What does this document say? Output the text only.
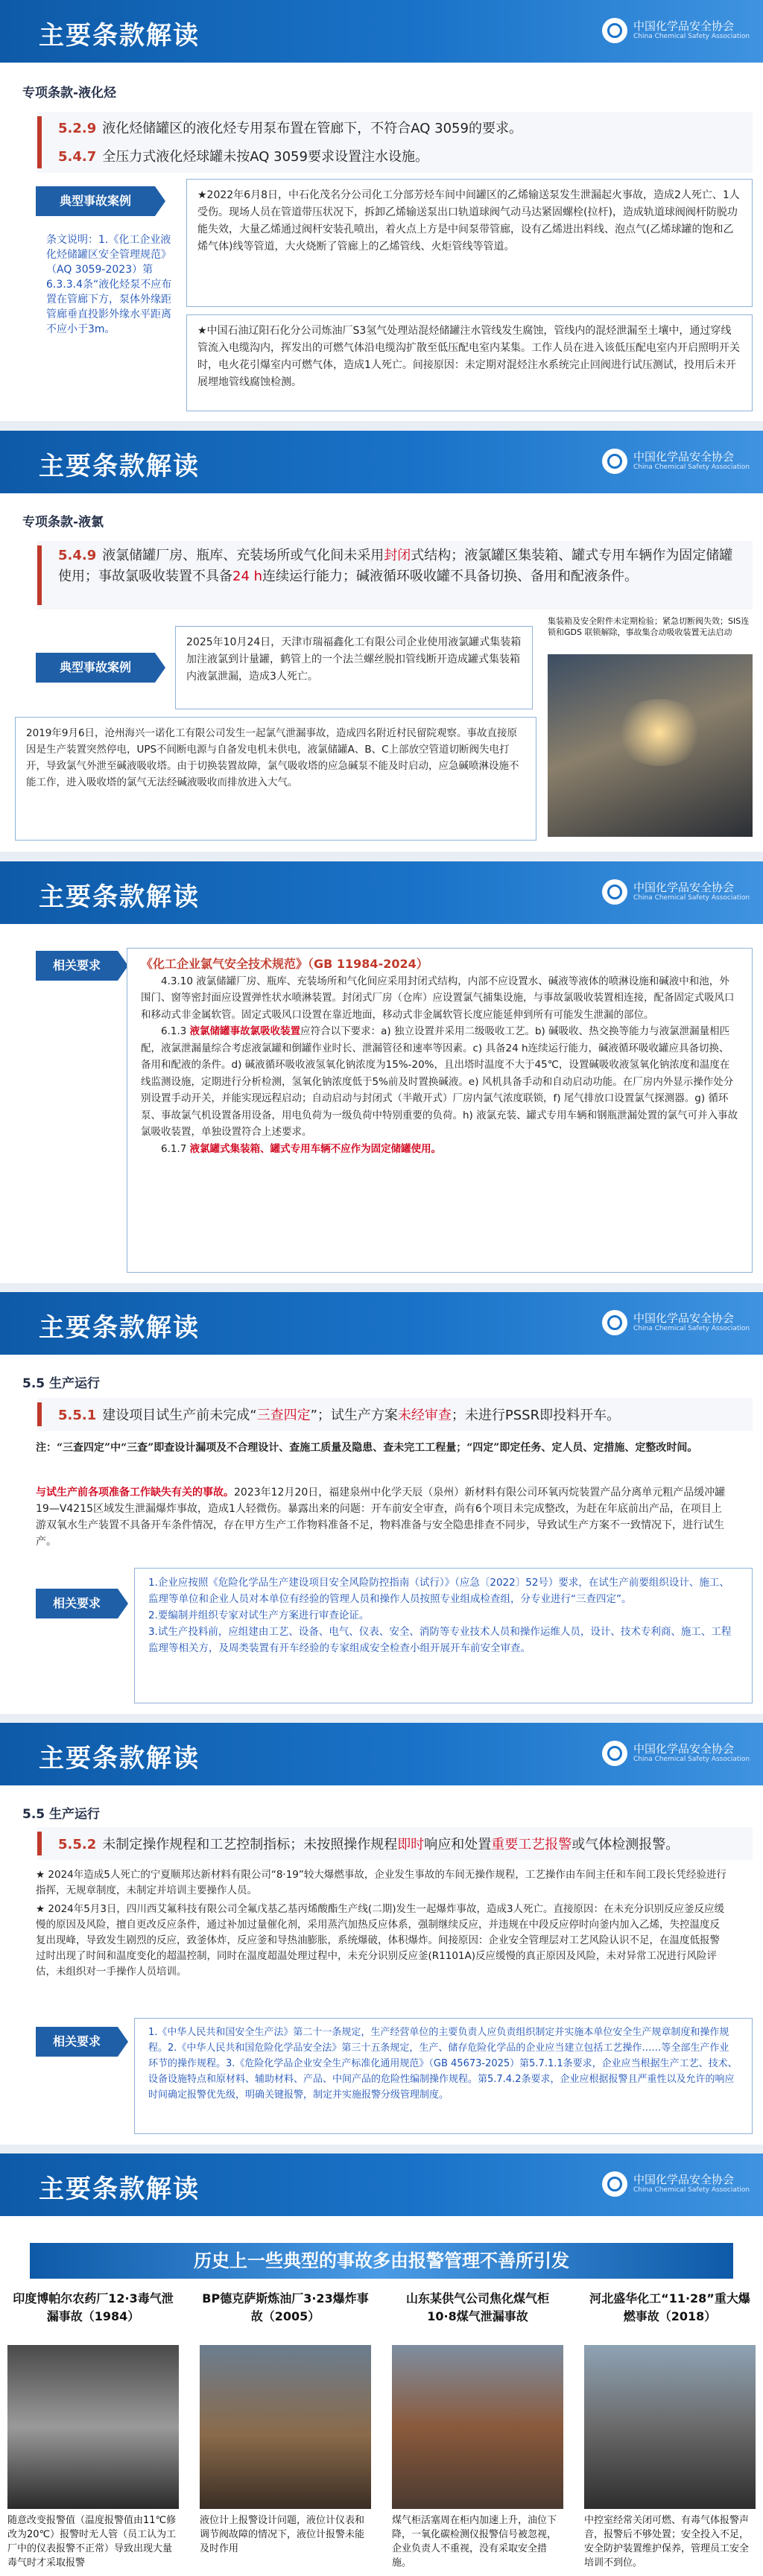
主要条款解读	中国化学品安全协会
China Chemical Safety Association
专项条款-液化烃
5.2.9 液化烃储罐区的液化烃专用泵布置在管廊下，不符合AQ 3059的要求。
5.4.7 全压力式液化烃球罐未按AQ 3059要求设置注水设施。
典型事故案例	★2022年6月8日，中石化茂名分公司化工分部芳烃车间中间罐区的乙烯输送泵发生泄漏起火事故，造成2人死亡、1人受伤。现场人员在管道带压状况下，拆卸乙烯输送泵出口轨道球阀气动马达紧固螺栓(拉杆)，造成轨道球阀阀杆防脱功能失效，大量乙烯通过阀杆安装孔喷出，着火点上方是中间泵带管廊，设有乙烯进出料线、泡点气(乙烯球罐的饱和乙烯气体)线等管道，大火烧断了管廊上的乙烯管线、火炬管线等管道。
条文说明：1.《化工企业液化烃储罐区安全管理规范》（AQ 3059-2023）第6.3.3.4条“液化烃泵不应布置在管廊下方，泵体外缘距管廊垂直投影外缘水平距离不应小于3m。	★中国石油辽阳石化分公司炼油厂S3氢气处理站混烃储罐注水管线发生腐蚀，管线内的混烃泄漏至土壤中，通过穿线管流入电缆沟内，挥发出的可燃气体沿电缆沟扩散至低压配电室内某集。工作人员在进入该低压配电室内开启照明开关时，电火花引爆室内可燃气体，造成1人死亡。间接原因：未定期对混烃注水系统完止回阀进行试压测试，投用后未开展埋地管线腐蚀检测。
主要条款解读	中国化学品安全协会
China Chemical Safety Association
专项条款-液氯
5.4.9 液氯储罐厂房、瓶库、充装场所或气化间未采用封闭式结构；液氯罐区集装箱、罐式专用车辆作为固定储罐使用；事故氯吸收装置不具备24 h连续运行能力；碱液循环吸收罐不具备切换、备用和配液条件。
典型事故案例
2025年10月24日，天津市瑞福鑫化工有限公司企业使用液氯罐式集装箱加注液氯到计量罐，鹤管上的一个法兰螺丝脱扣管线断开造成罐式集装箱内液氯泄漏，造成3人死亡。
集装箱及安全附件未定期检验；紧急切断阀失效；SIS连锁和GDS 联锁解除，事故集合动吸收装置无法启动
2019年9月6日，沧州海兴一诺化工有限公司发生一起氯气泄漏事故，造成四名附近村民留院观察。事故直接原因是生产装置突然停电，UPS不间断电源与自备发电机未供电，液氯储罐A、B、C上部放空管道切断阀失电打开，导致氯气外泄至碱液吸收塔。由于切换装置故障，氯气吸收塔的应急碱泵不能及时启动，应急碱喷淋设施不能工作，进入吸收塔的氯气无法经碱液吸收而排放进入大气。
主要条款解读	中国化学品安全协会
China Chemical Safety Association
相关要求	《化工企业氯气安全技术规范》（GB 11984-2024）
4.3.10 液氯储罐厂房、瓶库、充装场所和气化间应采用封闭式结构，内部不应设置水、碱液等液体的喷淋设施和碱液中和池，外围门、窗等密封面应设置弹性状水喷淋装置。封闭式厂房（仓库）应设置氯气捕集设施，与事故氯吸收装置相连接，配备固定式吸风口和移动式非金属软管。固定式吸风口设置在靠近地面，移动式非金属软管长度应能延伸到所有可能发生泄漏的部位。
6.1.3 液氯储罐事故氯吸收装置应符合以下要求：a) 独立设置并采用二级吸收工艺。b) 碱吸收、热交换等能力与液氯泄漏量相匹配，液氯泄漏量综合考虑液氯罐和倒罐作业时长、泄漏管径和速率等因素。c) 具备24 h连续运行能力，碱液循环吸收罐应具备切换、备用和配液的条件。d) 碱液循环吸收液氢氧化钠浓度为15%-20%，且出塔时温度不大于45℃，设置碱吸收液氢氧化钠浓度和温度在线监测设施，定期进行分析检测，氢氧化钠浓度低于5%前及时置换碱液。e) 风机具备手动和自动启动功能。在厂房内外显示操作处分别设置手动开关，并能实现远程启动；自动启动与封闭式（半敞开式）厂房内氯气浓度联锁，f) 尾气排放口设置氯气探测器。g) 循环泵、事故氯气机设置备用设备，用电负荷为一级负荷中特别重要的负荷。h) 液氯充装、罐式专用车辆和钢瓶泄漏处置的氯气可并入事故氯吸收装置，单独设置符合上述要求。
6.1.7 液氯罐式集装箱、罐式专用车辆不应作为固定储罐使用。
主要条款解读	中国化学品安全协会
China Chemical Safety Association
5.5 生产运行
5.5.1 建设项目试生产前未完成“三查四定”；试生产方案未经审查；未进行PSSR即投料开车。
注：“三查四定”中“三查”即查设计漏项及不合理设计、查施工质量及隐患、查未完工工程量；“四定”即定任务、定人员、定措施、定整改时间。
与试生产前各项准备工作缺失有关的事故。2023年12月20日，福建泉州中化学天辰（泉州）新材料有限公司环氧丙烷装置产品分离单元粗产品缓冲罐19—V4215区域发生泄漏爆炸事故，造成1人轻微伤。暴露出来的问题：开车前安全审查，尚有6个项目未完成整改，为赶在年底前出产品，在项目上游双氧水生产装置不具备开车条件情况，存在甲方生产工作物料准备不足，物料准备与安全隐患排查不同步，导致试生产方案不一致情况下，进行试生产。
相关要求
1.企业应按照《危险化学品生产建设项目安全风险防控指南（试行）》（应急〔2022〕52号）要求，在试生产前要组织设计、施工、监理等单位和企业人员对本单位有经验的管理人员和操作人员按照专业组成检查组，分专业进行“三查四定”。
2.要编制并组织专家对试生产方案进行审查论证。
3.试生产投料前，应组建由工艺、设备、电气、仪表、安全、消防等专业技术人员和操作运维人员，设计、技术专利商、施工、工程监理等相关方，及周类装置有开车经验的专家组成安全检查小组开展开车前安全审查。
主要条款解读	中国化学品安全协会
China Chemical Safety Association
5.5 生产运行
5.5.2 未制定操作规程和工艺控制指标；未按照操作规程即时响应和处置重要工艺报警或气体检测报警。
★ 2024年造成5人死亡的宁夏顺邦达新材料有限公司“8·19”较大爆燃事故，企业发生事故的车间无操作规程，工艺操作由车间主任和车间工段长凭经验进行指挥，无规章制度，未制定并培训主要操作人员。
★ 2024年5月3日，四川西艾氟科技有限公司全氟戊基乙基丙烯酸酯生产线(二期)发生一起爆炸事故，造成3人死亡。直接原因：在未充分识别反应釜反应缓慢的原因及风险，擅自更改反应条件，通过补加过量催化剂，采用蒸汽加热反应体系，强制继续反应，并违规在中段反应停时向釜内加入乙烯，失控温度反复出现峰，导致发生剧烈的反应，致釜体炸，反应釜和导热油膨胀，系统爆破，体积爆炸。间接原因：企业安全管理层对工艺风险认识不足，在温度低报警过时出现了时间和温度变化的超温控制，同时在温度超温处理过程中，未充分识别反应釜(R1101A)反应缓慢的真正原因及风险，未对异常工况进行风险评估，未组织对一手操作人员培训。
相关要求
1.《中华人民共和国安全生产法》第二十一条规定，生产经营单位的主要负责人应负责组织制定并实施本单位安全生产规章制度和操作规程。2.《中华人民共和国危险化学品安全法》第三十五条规定，生产、储存危险化学品的企业应当建立包括工艺操作……等全部生产作业环节的操作规程。3.《危险化学品企业安全生产标准化通用规范》（GB 45673-2025）第5.7.1.1条要求，企业应当根据生产工艺、技术、设备设施特点和原材料、辅助材料、产品、中间产品的危险性编制操作规程。第5.7.4.2条要求，企业应根据报警且严重性以及允许的响应时间确定报警优先级，明确关键报警，制定并实施报警分级管理制度。
主要条款解读	中国化学品安全协会
China Chemical Safety Association
历史上一些典型的事故多由报警管理不善所引发
印度博帕尔农药厂12·3毒气泄漏事故（1984）
随意改变报警值（温度报警值由11℃修改为20℃）报警时无人管（员工认为工厂中的仪表报警不正常）导致出现大量毒气时才采取报警
BP德克萨斯炼油厂3·23爆炸事故（2005）
液位计上报警设计问题，液位计仪表和调节阀故障的情况下，液位计报警未能及时作用
山东某供气公司焦化煤气柜10·8煤气泄漏事故
煤气柜活塞周在柜内加速上升，油位下降，一氧化碳检测仪报警信号被忽视，企业负责人不重视，没有采取安全措施。
河北盛华化工“11·28”重大爆燃事故（2018）
中控室经常关闭可燃、有毒气体报警声音，报警后不够处置；安全投入不足，安全防护装置维护保养，管理员工安全培训不到位。
